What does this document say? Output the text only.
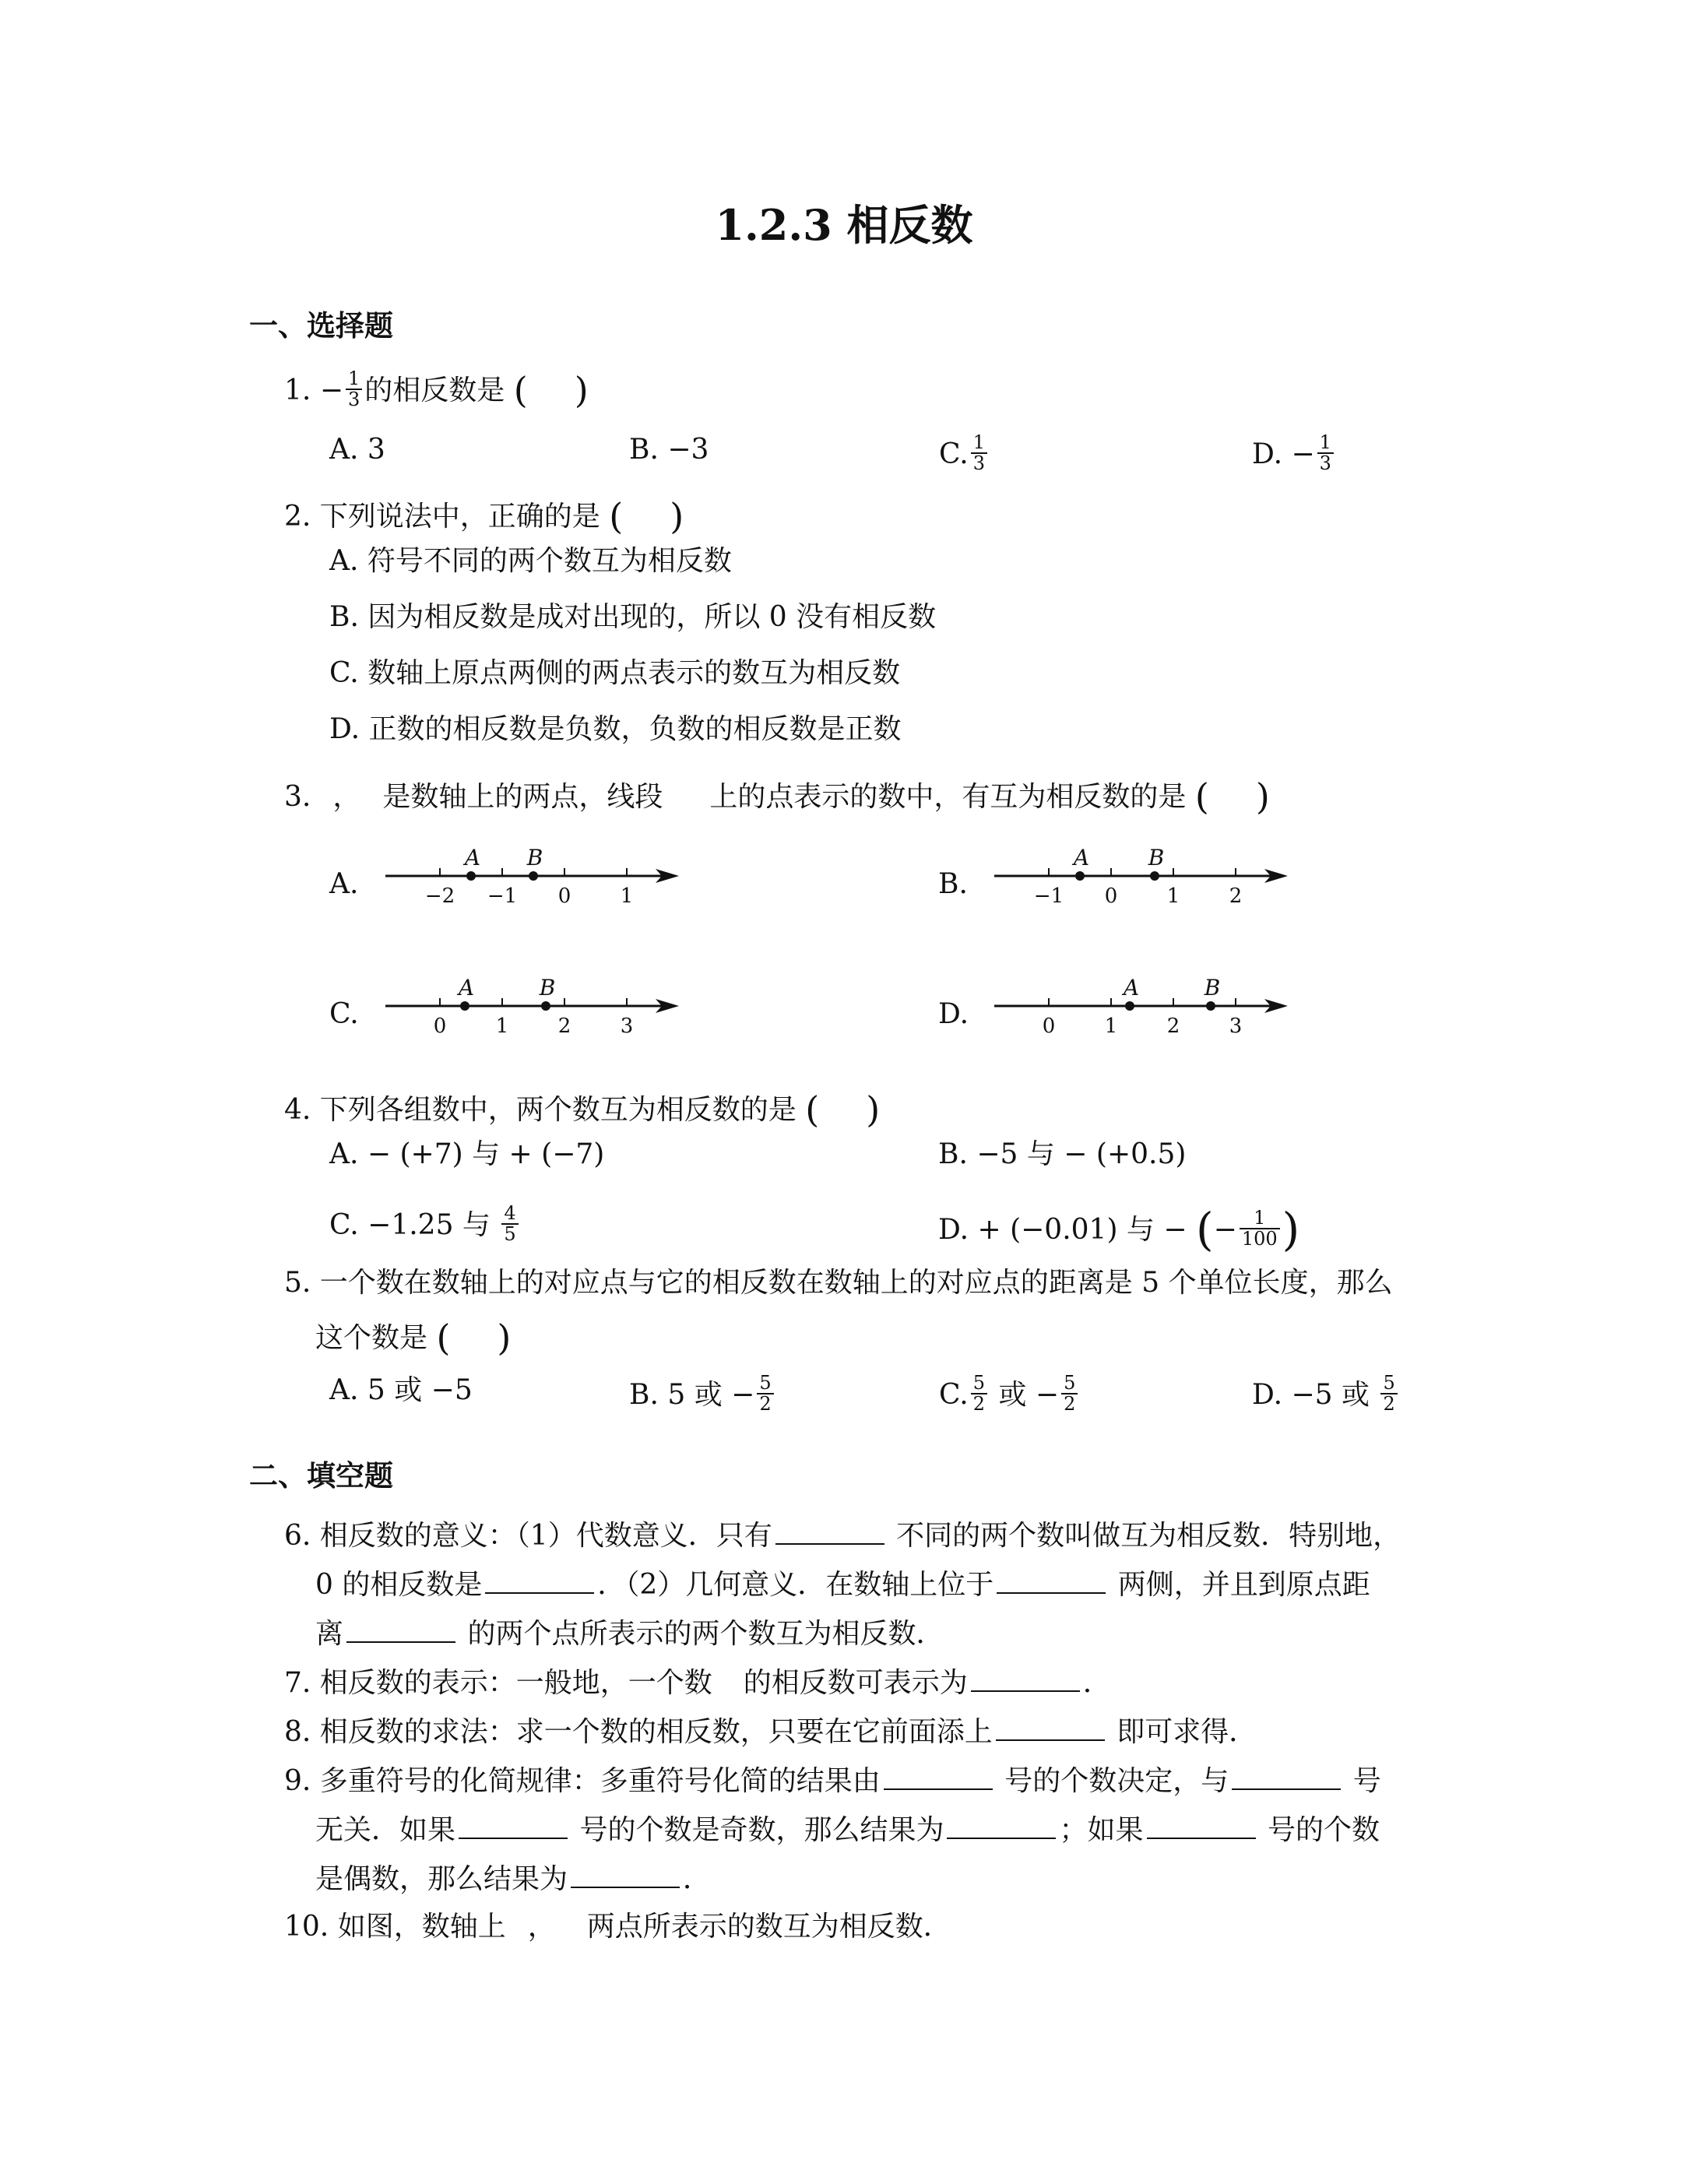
1.2.3 相反数
一、选择题
1. − $\frac{1}{3}$ 的相反数是 ( )
A. 3	B. −3	C. $\frac{1}{3}$	D. − $\frac{1}{3}$
2. 下列说法中，正确的是 ( )
A. 符号不同的两个数互为相反数
B. 因为相反数是成对出现的，所以 0 没有相反数
C. 数轴上原点两侧的两点表示的数互为相反数
D. 正数的相反数是负数，负数的相反数是正数
3. ， 是数轴上的两点，线段 上的点表示的数中，有互为相反数的是 ( )
A.	B.
C.	D.
−2 −1 0 1
A B
−1 0 1 2
A	B
0 1 2 3
A	B
0 1 2 3
A	B
4. 下列各组数中，两个数互为相反数的是 ( )
A. − (+7) 与 + (−7)	B. −5 与 − (+0.5)
C. −1.25 与 $\frac{4}{5}$	D. + (−0.01) 与 − (− $\frac{1}{100}$ )
5. 一个数在数轴上的对应点与它的相反数在数轴上的对应点的距离是 5 个单位长度，那么
这个数是 ( )
A. 5 或 −5	B. 5 或 − $\frac{5}{2}$	C. $\frac{5}{2}$ 或 − $\frac{5}{2}$	D. −5 或 $\frac{5}{2}$
二、填空题
6. 相反数的意义：（1）代数意义．只有	不同的两个数叫做互为相反数．特别地，
0 的相反数是	．（2）几何意义．在数轴上位于	两侧，并且到原点距
离	的两个点所表示的两个数互为相反数．
7. 相反数的表示：一般地，一个数 的相反数可表示为	．
8. 相反数的求法：求一个数的相反数，只要在它前面添上	即可求得．
9. 多重符号的化简规律：多重符号化简的结果由	号的个数决定，与	号
无关．如果	号的个数是奇数，那么结果为	；如果	号的个数
是偶数，那么结果为	．
10. 如图，数轴上 ， 两点所表示的数互为相反数．
